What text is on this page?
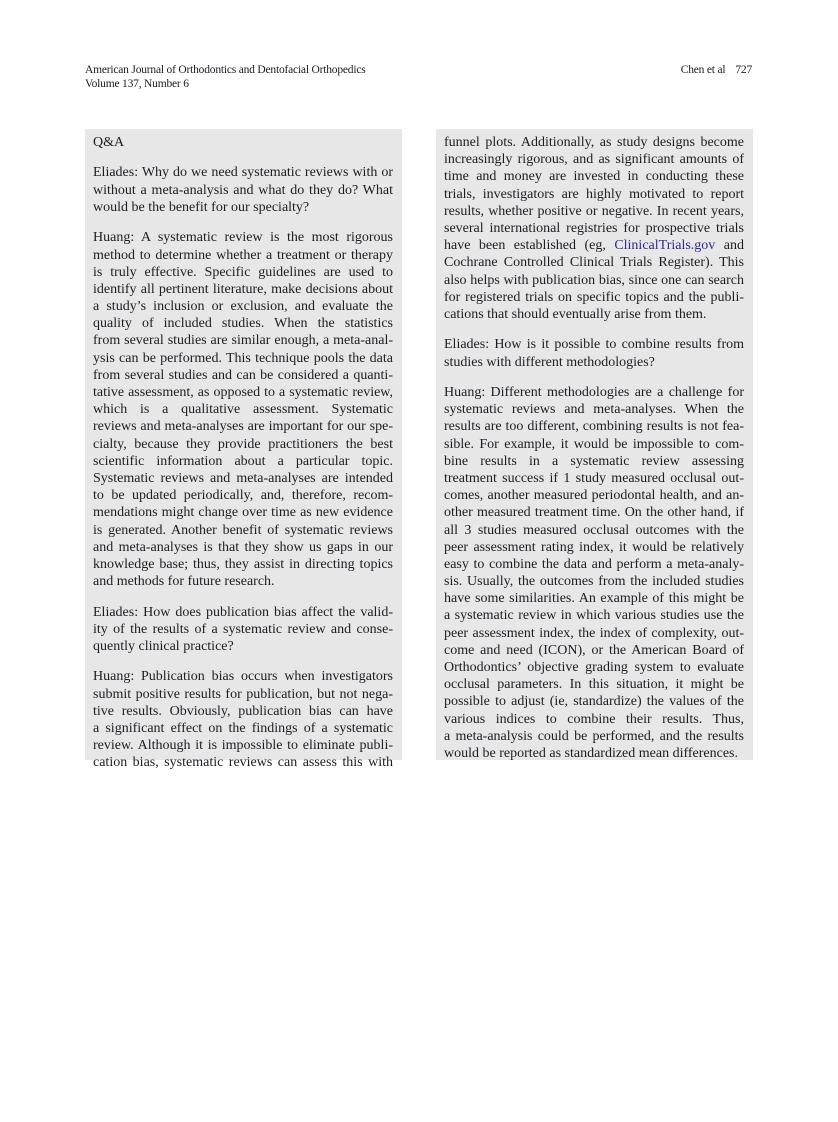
American Journal of Orthodontics and Dentofacial Orthopedics
Volume 137, Number 6
Chen et al 727
Q&A
Eliades: Why do we need systematic reviews with or
without a meta-analysis and what do they do? What
would be the benefit for our specialty?
Huang: A systematic review is the most rigorous
method to determine whether a treatment or therapy
is truly effective. Specific guidelines are used to
identify all pertinent literature, make decisions about
a study’s inclusion or exclusion, and evaluate the
quality of included studies. When the statistics
from several studies are similar enough, a meta-anal-
ysis can be performed. This technique pools the data
from several studies and can be considered a quanti-
tative assessment, as opposed to a systematic review,
which is a qualitative assessment. Systematic
reviews and meta-analyses are important for our spe-
cialty, because they provide practitioners the best
scientific information about a particular topic.
Systematic reviews and meta-analyses are intended
to be updated periodically, and, therefore, recom-
mendations might change over time as new evidence
is generated. Another benefit of systematic reviews
and meta-analyses is that they show us gaps in our
knowledge base; thus, they assist in directing topics
and methods for future research.
Eliades: How does publication bias affect the valid-
ity of the results of a systematic review and conse-
quently clinical practice?
Huang: Publication bias occurs when investigators
submit positive results for publication, but not nega-
tive results. Obviously, publication bias can have
a significant effect on the findings of a systematic
review. Although it is impossible to eliminate publi-
cation bias, systematic reviews can assess this with
funnel plots. Additionally, as study designs become
increasingly rigorous, and as significant amounts of
time and money are invested in conducting these
trials, investigators are highly motivated to report
results, whether positive or negative. In recent years,
several international registries for prospective trials
have been established (eg, ClinicalTrials.gov and
Cochrane Controlled Clinical Trials Register). This
also helps with publication bias, since one can search
for registered trials on specific topics and the publi-
cations that should eventually arise from them.
Eliades: How is it possible to combine results from
studies with different methodologies?
Huang: Different methodologies are a challenge for
systematic reviews and meta-analyses. When the
results are too different, combining results is not fea-
sible. For example, it would be impossible to com-
bine results in a systematic review assessing
treatment success if 1 study measured occlusal out-
comes, another measured periodontal health, and an-
other measured treatment time. On the other hand, if
all 3 studies measured occlusal outcomes with the
peer assessment rating index, it would be relatively
easy to combine the data and perform a meta-analy-
sis. Usually, the outcomes from the included studies
have some similarities. An example of this might be
a systematic review in which various studies use the
peer assessment index, the index of complexity, out-
come and need (ICON), or the American Board of
Orthodontics’ objective grading system to evaluate
occlusal parameters. In this situation, it might be
possible to adjust (ie, standardize) the values of the
various indices to combine their results. Thus,
a meta-analysis could be performed, and the results
would be reported as standardized mean differences.
